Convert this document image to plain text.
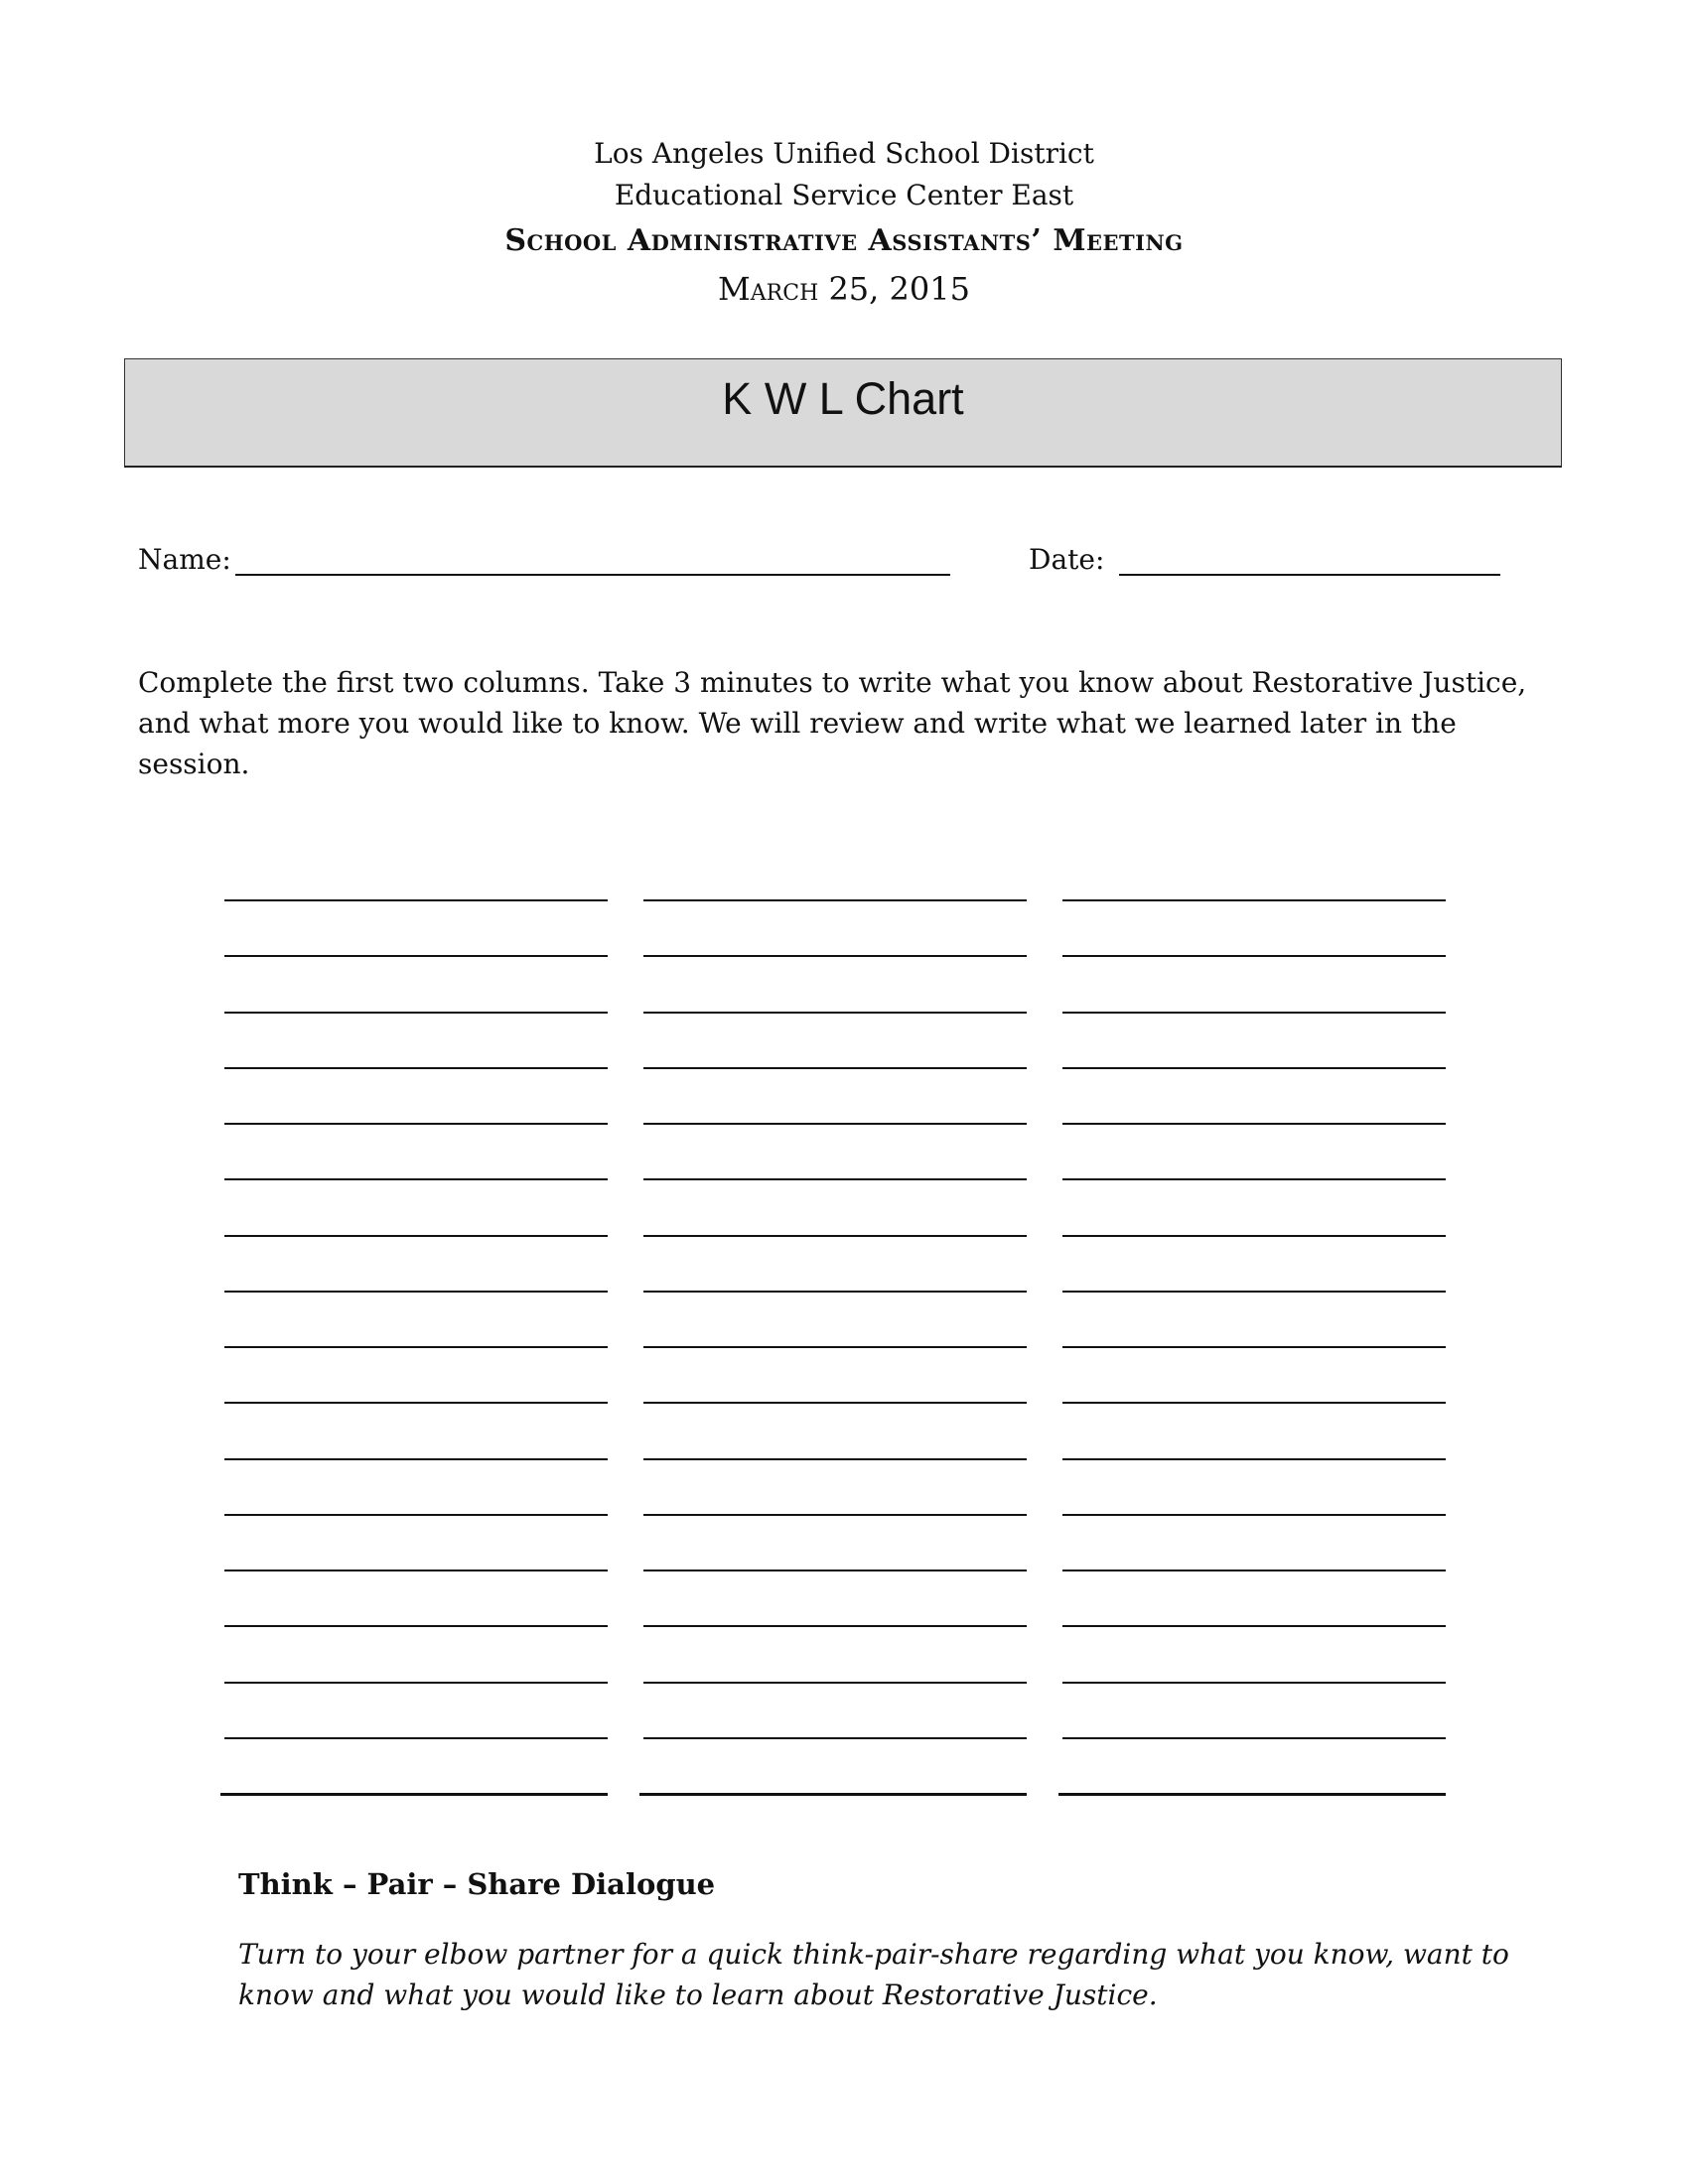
Los Angeles Unified School District
Educational Service Center East
School Administrative Assistants’ Meeting
March 25, 2015
K W L Chart
Name:	Date:
Complete the first two columns. Take 3 minutes to write what you know about Restorative Justice, and what more you would like to know. We will review and write what we learned later in the session.
Think – Pair – Share Dialogue
Turn to your elbow partner for a quick think-pair-share regarding what you know, want to know and what you would like to learn about Restorative Justice.
